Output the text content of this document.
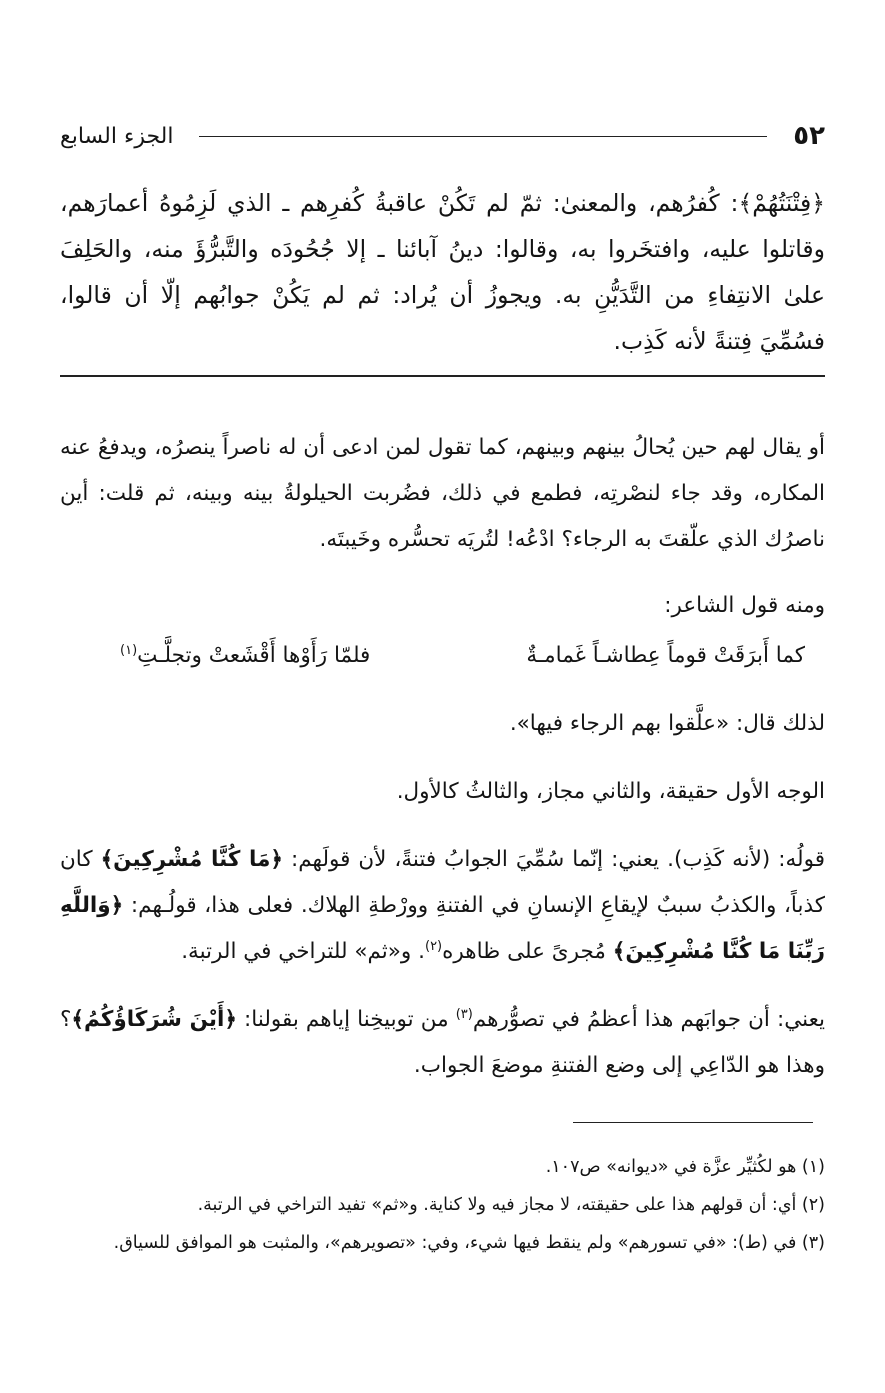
٥٢
الجزء السابع

﴿فِتْنَتُهُمْ﴾: كُفرُهم، والمعنىٰ: ثمّ لم تَكُنْ عاقبةُ كُفرِهم ـ الذي لَزِمُوهُ أعمارَهم، وقاتلوا عليه، وافتخَروا به، وقالوا: دينُ آبائنا ـ إلا جُحُودَه والتَّبرُّؤَ منه، والحَلِفَ علىٰ الانتِفاءِ من التَّدَيُّنِ به. ويجوزُ أن يُراد: ثم لم يَكُنْ جوابُهم إلّا أن قالوا، فسُمِّيَ فِتنةً لأنه كَذِب.

أو يقال لهم حين يُحالُ بينهم وبينهم، كما تقول لمن ادعى أن له ناصراً ينصرُه، ويدفعُ عنه المكاره، وقد جاء لنصْرتِه، فطمع في ذلك، فضُربت الحيلولةُ بينه وبينه، ثم قلت: أين ناصرُك الذي علّقتَ به الرجاء؟ ادْعُه! لتُريَه تحسُّره وخَيبتَه.

ومنه قول الشاعر:

كما أَبرَقَتْ قوماً عِطاشـاً غَمامـةٌ
فلمّا رَأَوْها أَقْشَعتْ وتجلَّـتِ$^{(١)}$

لذلك قال: «علَّقوا بهم الرجاء فيها».

الوجه الأول حقيقة، والثاني مجاز، والثالثُ كالأول.

قولُه: (لأنه كَذِب). يعني: إنّما سُمِّيَ الجوابُ فتنةً، لأن قولَهم: ﴿مَا كُنَّا مُشْرِكِينَ﴾ كان كذباً، والكذبُ سببٌ لإيقاعِ الإنسانِ في الفتنةِ وورْطةِ الهلاك. فعلى هذا، قولُـهم: ﴿وَاللَّهِ رَبِّنَا مَا كُنَّا مُشْرِكِينَ﴾ مُجرىً على ظاهره$^{(٢)}$. و«ثم» للتراخي في الرتبة.

يعني: أن جوابَهم هذا أعظمُ في تصوُّرهم$^{(٣)}$ من توبيخِنا إياهم بقولنا: ﴿أَيْنَ شُرَكَاؤُكُمُ﴾؟ وهذا هو الدّاعِي إلى وضع الفتنةِ موضعَ الجواب.

(١) هو لكُثيِّر عزَّة في «ديوانه» ص١٠٧.

(٢) أي: أن قولهم هذا على حقيقته، لا مجاز فيه ولا كناية. و«ثم» تفيد التراخي في الرتبة.

(٣) في (ط): «في تسورهم» ولم ينقط فيها شيء، وفي: «تصويرهم»، والمثبت هو الموافق للسياق.
